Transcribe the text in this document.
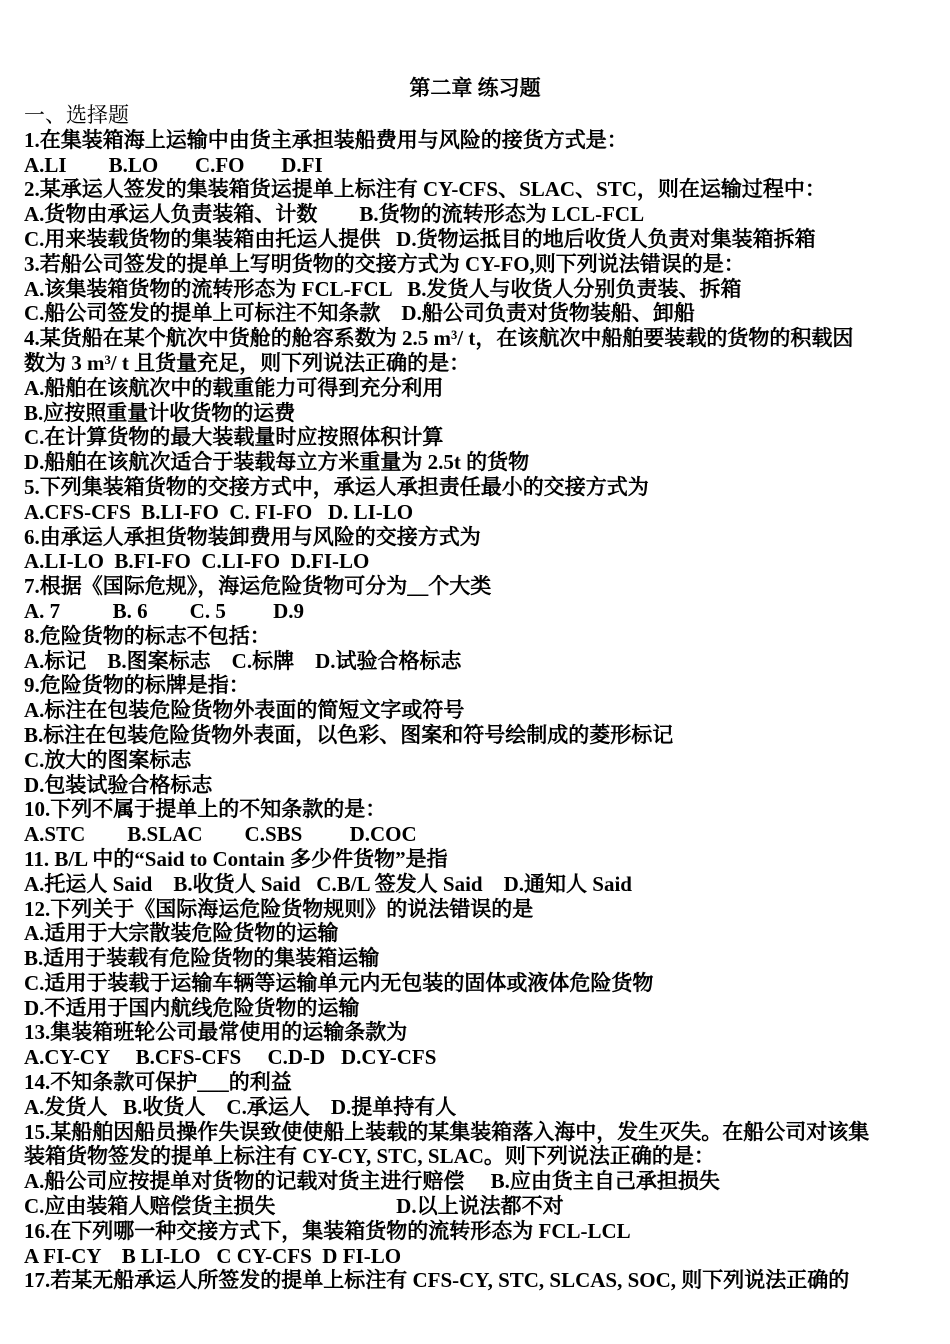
第二章 练习题
一、选择题
1.在集装箱海上运输中由货主承担装船费用与风险的接货方式是：
A.LI        B.LO       C.FO       D.FI
2.某承运人签发的集装箱货运提单上标注有 CY-CFS、SLAC、STC，则在运输过程中：
A.货物由承运人负责装箱、计数        B.货物的流转形态为 LCL-FCL
C.用来装载货物的集装箱由托运人提供   D.货物运抵目的地后收货人负责对集装箱拆箱
3.若船公司签发的提单上写明货物的交接方式为 CY-FO,则下列说法错误的是：
A.该集装箱货物的流转形态为 FCL-FCL   B.发货人与收货人分别负责装、拆箱
C.船公司签发的提单上可标注不知条款    D.船公司负责对货物装船、卸船
4.某货船在某个航次中货舱的舱容系数为 2.5 m³/ t，在该航次中船舶要装载的货物的积载因
数为 3 m³/ t 且货量充足，则下列说法正确的是：
A.船舶在该航次中的载重能力可得到充分利用
B.应按照重量计收货物的运费
C.在计算货物的最大装载量时应按照体积计算
D.船舶在该航次适合于装载每立方米重量为 2.5t 的货物
5.下列集装箱货物的交接方式中，承运人承担责任最小的交接方式为
A.CFS-CFS  B.LI-FO  C. FI-FO   D. LI-LO
6.由承运人承担货物装卸费用与风险的交接方式为
A.LI-LO  B.FI-FO  C.LI-FO  D.FI-LO
7.根据《国际危规》，海运危险货物可分为__个大类
A. 7          B. 6        C. 5         D.9
8.危险货物的标志不包括：
A.标记    B.图案标志    C.标牌    D.试验合格标志
9.危险货物的标牌是指：
A.标注在包装危险货物外表面的简短文字或符号
B.标注在包装危险货物外表面，以色彩、图案和符号绘制成的菱形标记
C.放大的图案标志
D.包装试验合格标志
10.下列不属于提单上的不知条款的是：
A.STC        B.SLAC        C.SBS         D.COC
11. B/L 中的“Said to Contain 多少件货物”是指
A.托运人 Said    B.收货人 Said   C.B/L 签发人 Said    D.通知人 Said
12.下列关于《国际海运危险货物规则》的说法错误的是
A.适用于大宗散装危险货物的运输
B.适用于装载有危险货物的集装箱运输
C.适用于装载于运输车辆等运输单元内无包装的固体或液体危险货物
D.不适用于国内航线危险货物的运输
13.集装箱班轮公司最常使用的运输条款为
A.CY-CY     B.CFS-CFS     C.D-D   D.CY-CFS
14.不知条款可保护___的利益
A.发货人   B.收货人    C.承运人    D.提单持有人
15.某船舶因船员操作失误致使使船上装载的某集装箱落入海中，发生灭失。在船公司对该集
装箱货物签发的提单上标注有 CY-CY, STC, SLAC。则下列说法正确的是：
A.船公司应按提单对货物的记载对货主进行赔偿     B.应由货主自己承担损失
C.应由装箱人赔偿货主损失                       D.以上说法都不对
16.在下列哪一种交接方式下，集装箱货物的流转形态为 FCL-LCL
A FI-CY    B LI-LO   C CY-CFS  D FI-LO
17.若某无船承运人所签发的提单上标注有 CFS-CY, STC, SLCAS, SOC, 则下列说法正确的
